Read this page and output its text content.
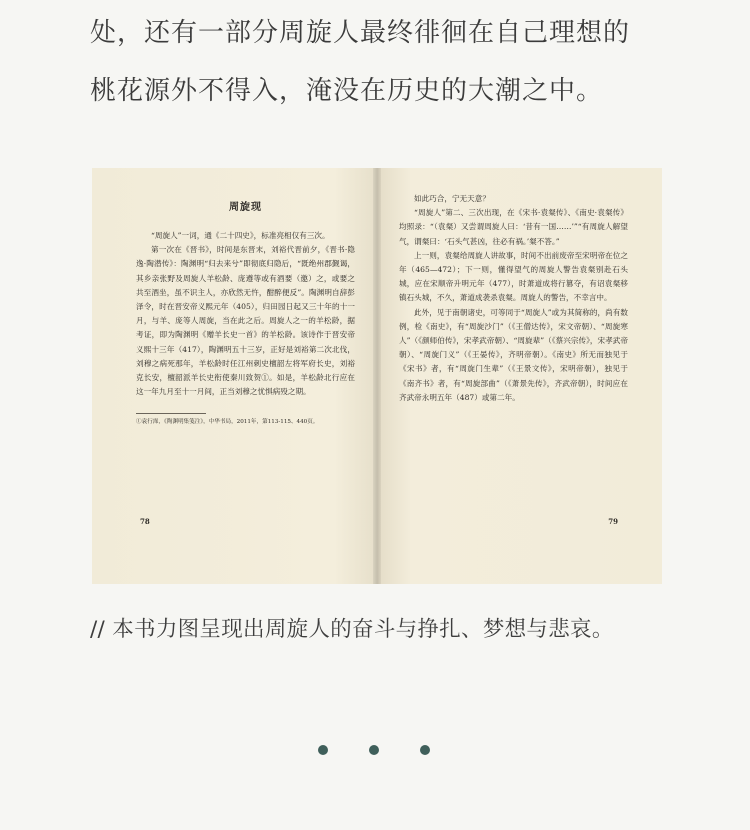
处，还有一部分周旋人最终徘徊在自己理想的

桃花源外不得入，淹没在历史的大潮之中。

周旋现

“周旋人”一词，通《二十四史》，标准亮相仅有三次。

第一次在《晋书》，时间是东晋末，刘裕代晋前夕，《晋书·隐逸·陶潜传》：陶渊明“归去来兮”即彻底归隐后，“既绝州郡觐谒，其乡亲张野及周旋人羊松龄、庞遵等或有酒要（邀）之，或要之共至酒坐，虽不识主人，亦欣然无忤，酣醉便反”。陶渊明自辞彭泽令，时在晋安帝义熙元年（405），归田园日起又三十年的十一月，与羊、庞等人周旋，当在此之后。周旋人之一的羊松龄，据考证，即为陶渊明《赠羊长史一首》的羊松龄。该诗作于晋安帝义熙十三年（417），陶渊明五十三岁，正好是刘裕第二次北伐，刘穆之病死那年，羊松龄时任江州刺史檀韶左将军府长史，刘裕克长安，檀韶派羊长史衔使秦川致贺①。如是，羊松龄北行应在这一年九月至十一月间，正当刘穆之忧惧病殁之期。

①袁行霈，《陶渊明集笺注》，中华书局，2011年，第113-115、440页。
78

如此巧合，宁无天意？

“周旋人”第二、三次出现，在《宋书·袁粲传》、《南史·袁粲传》均照录：“（袁粲）又尝谓周旋人曰：‘昔有一国……’”“有周旋人解望气，谓粲曰：‘石头气甚凶，往必有祸。’粲不答。”

上一则，袁粲给周旋人讲故事，时间不出前废帝至宋明帝在位之年（465—472）；下一则，懂得望气的周旋人警告袁粲别赴石头城，应在宋顺帝升明元年（477），时萧道成将行篡夺，有诏袁粲移镇石头城，不久，萧道成袭杀袁粲。周旋人的警告，不幸言中。

此外，见于南朝诸史，可等同于“周旋人”或为其简称的，尚有数例，检《南史》，有“周旋沙门”（《王僧达传》，宋文帝朝）、“周旋寒人”（《颜师伯传》，宋孝武帝朝）、“周旋辈”（《蔡兴宗传》，宋孝武帝朝）、“周旋门义”（《王晏传》，齐明帝朝）。《南史》所无而独见于《宋书》者，有“周旋门生辈”（《王景文传》，宋明帝朝），独见于《南齐书》者，有“周旋部曲”（《萧景先传》，齐武帝朝），时间应在齐武帝永明五年（487）或第二年。

79
// 本书力图呈现出周旋人的奋斗与挣扎、梦想与悲哀。
